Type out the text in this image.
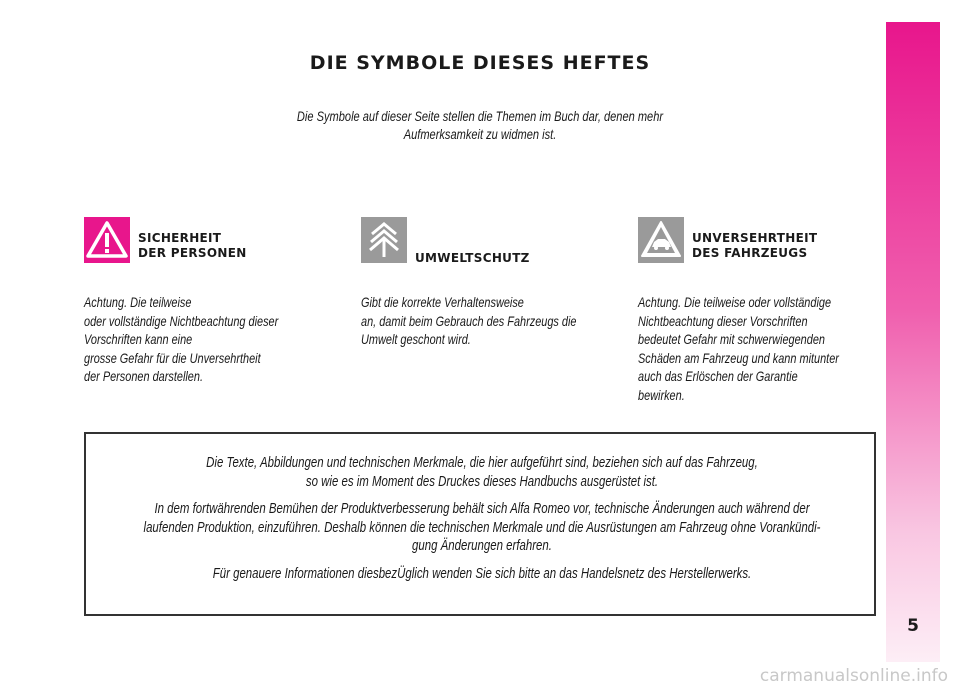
DIE SYMBOLE DIESES HEFTES
Die Symbole auf dieser Seite stellen die Themen im Buch dar, denen mehr
Aufmerksamkeit zu widmen ist.
SICHERHEIT
DER PERSONEN
Achtung. Die teilweise
oder vollständige Nichtbeachtung dieser
Vorschriften kann eine
grosse Gefahr für die Unversehrtheit
der Personen darstellen.
UMWELTSCHUTZ
Gibt die korrekte Verhaltensweise
an, damit beim Gebrauch des Fahrzeugs die
Umwelt geschont wird.
UNVERSEHRTHEIT
DES FAHRZEUGS
Achtung. Die teilweise oder vollständige
Nichtbeachtung dieser Vorschriften
bedeutet Gefahr mit schwerwiegenden
Schäden am Fahrzeug und kann mitunter
auch das Erlöschen der Garantie
bewirken.

Die Texte, Abbildungen und technischen Merkmale, die hier aufgeführt sind, beziehen sich auf das Fahrzeug,
so wie es im Moment des Druckes dieses Handbuchs ausgerüstet ist.

In dem fortwährenden Bemühen der Produktverbesserung behält sich Alfa Romeo vor, technische Änderungen auch während der
laufenden Produktion, einzuführen. Deshalb können die technischen Merkmale und die Ausrüstungen am Fahrzeug ohne Vorankündi-
gung Änderungen erfahren.

Für genauere Informationen diesbezÜglich wenden Sie sich bitte an das Handelsnetz des Herstellerwerks.

5
carmanualsonline.info
